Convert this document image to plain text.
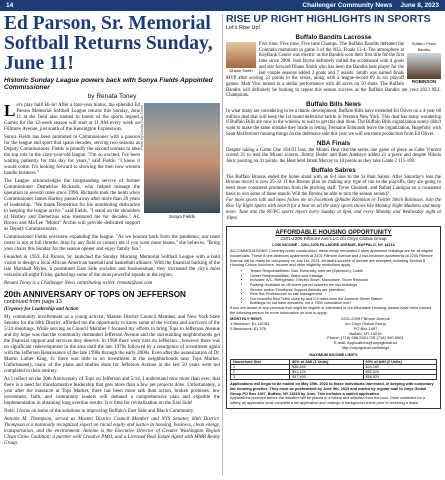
14	Challenger Community News	June 8, 2023
Ed Parson, Sr. Memorial Softball Returns Sunday, June 11!
Historic Sunday League powers back with Sonya Fields Appointed Commissioner
by Renata Toney
Photo By Denise Dale-Toney
Sonya Fields

Let's play ball! Bi-lo! After a four-year hiatus, the splendid Ed Parson Memorial Softball League returns this Sunday, June 11 at the field also named in honor of the sports legend. Games for the 12-week season will start at 11 AM every week on Fillmore Avenue, just south of the Kensington Expressway.

Sonya Fields has been promoted to Commissioner with a passion for the league and sport that spans decades, serving two seasons as Deputy Commissioner. Fields is proudly the second woman to take the top role in the sixty-year-old league. "I'm so excited, I've been waiting patiently for this day for years," said Fields. "I knew it would come. I'm looking forward to showing the men how women handle business."

The League acknowledges the longstanding service of former Commissioner Demetrius Richards, who helped manage the operation in several roles since 1996. Richards took the helm when Commissioner James Hartley passed away after more than 20 years of leadership. "We thank Demetrius for his unrelenting dedication to keeping the league active," said Fields. "I stand on the shoulders of Hartley and Demetrius who mentored me for decades." AC Brown and Ma'Lee "Motor" Archie will provide dedicated support as Deputy Commissioners.

Commissioner Fields envisions expanding the league. "As we bounce back from the pandemic, our team roster is not at full throttle. Stop by any field or contact me if you want more teams," she believes. "Bring your chairs this Sunday for the season opener and enjoy family fun."

Founded in 1959, Ed Parson, Sr. launched the Sunday Morning Memorial Softball League with a bold vision to design a local African American baseball and basketball alliance. With the financial backing of the late Marshall Myles, a prominent East Side socialite and businessman, they increased the city's most versatile all-night Friday gatherings some of the most powerful squads in the region.

Renata Toney is a Challenger News contributing writer. rrenata@aol.com

20th ANNIVERSARY OF TOPS ON JEFFERSON
continued from page 13

(Urgency for Leadership and Action

My community involvement as a young activist, Masten District Council Member, and New York State Senator for the 60th District, afforded me the opportunity to know some of the victims and survivors of the 5/14 shootings. While serving as Council Member I focused my efforts to bring Tops to Jefferson Avenue and my hope was that the community demanded Jefferson Avenue and the surrounding neighborhoods get the financial support and services they deserve. In 1968 there were riots on Jefferson... however there was no significant redevelopment in the area until the late 1970s followed by a resurgence of investment again with the Jefferson Renaissance of the late 1990s through the early 2000s. Even after the assassination of Dr. Martin Luther King, Jr. there was little to no investment in the neighborhoods near Tops Market. Unfortunately, many of the plans and studies done for Jefferson Avenue in the last 50 years were not completed in their entirety.

As I reflect on the 20th Anniversary of Tops on Jefferson and 5/14, I understand now more than ever, that there is a need for transformative leadership that gets more than a few pet projects done. Unfortunately, a year after the massacre at Tops Market, there has been more talk than action, broken promises, low investment, faith, and community leaders will demand a comprehensive plan and expedite the implementation in obtaining long overdue results. It is time for revitalization on the East Side!

Note: I focus on some of the solutions to improving Buffalo's East Side and Black Community.

Antoine M. Thompson, served as Masten District Council Member and NYS Senator, 60th District. Thompson is a nationally recognized expert on racial equity and justice in housing, business, clean energy, transportation, and the environment. Antoine is the Executive Director of Greater Washington Region Clean Cities Coalition; a partner with Creative PMO, and a Licensed Real Estate Agent with MMB Realty Group.

RISE UP RIGHT HIGHLIGHTS IN SPORTS
Let's Rise Up!
Buffalo Bandits Lacrosse
Dhane Smith
Buffalo / Photo Bandits
ROBINSON
Five time, Five time, Five time Champs. The Buffalo Bandits defeated the Colorado mammoth in game 3 of the NLL Finals 13-4. The atmosphere at KeyBank Center was electric as the Bandits won their first title for the first time since 2008. Josh Byrne definitely milled the scoreboard with 4 goals and star forward Dhane Smith who has been the Bandits best player for the last couple seasons added 2 goals and 7 assists. Smith was named finals MVP after scoring 23 points in the series, along with a league-record 69 in six playoff games. Matt Vinc turned in a stellar performance with 46 saves on 50 shots. The Buffalo Bandits will definitely be looking to repeat this season success as the Buffalo Bandits are your 2023 NLL Champions.
Buffalo Bills News
In what many are considering to be a titanic development, Buffalo Bills have extended Ed Oliver on a 4-year 68 million deal that will keep the 1st round defensive tackle in Western New York. This deal has many wondering if Buffalo Bills are now in the window to wait to get this deal done. The Buffalo Bills organization surely didn't want to make the same mistake they made in letting Tremaine Edmunds leave the organization. Hopefully with Sean McDermott running things on the defensive side this year we will see more production from Ed Oliver.
NBA Finals
Despite taking a Game One 104-93 loss, the Miami Heat tied the series one game of piece as Gabe Vincent scored 21 to lead the Miami scorers. Jimmy Butler and Bam Adebayo added 21 a piece and despite Nikola Jokic pouring on 41 points, the Heat held Jamal Murray to 10 points as they take Game 2 111-108.
Buffalo Sabres
The Buffalo Broons ended the home stand with an 8-4 loss to the St Paul Saints. After Saturday's loss the Broons record is now 25-32. If the Broons plan on making any type of run to the playoffs, they are going to need more consistent production from the pitching staff. Tyree Chomerl, and Rafael Lantigua on a consistent basis to win some of these stands. Will the Broons be able to turn the season around?
For more sports talk and news follow me on Facebook @Andre Robinson or Twitter Stitch Robinson. Join the Rise Up Right Sports with search for a host on all the daily sports shows like Monday Night Madness and many more. Tune into the RUPG sports report every Sunday at 6pm, and every Monday and Wednesday night at 10pm.
AFFORDABLE HOUSING OPPORTUNITY
2201-2209 Fillmore Ave LLC c/o Onyx Global Group

LOW INCOME - 2201-2209 FILLMORE AVENUE, BUFFALO, NY 14214

ACCOMMODATIONS: Currently under construction, these newly renovated 2 story apartment buildings are for all eligible households. These 8 one-bedroom apartments at 2201 Fillmore Avenue and 2 two bedroom apartments at 2205 Fillmore Avenue will be ready for occupancy on July 1st, 2023. All lawful sources of income are accepted, including Section 8 Housing Choice Vouchers. Income and other eligibility restrictions apply.

• Tenant Responsibilities: Gas, Electricity, Internet (Spectrum), Cable
• Owner Responsibilities: Water and Sewage
• Includes: A/C, Refrigerator, Electric Stove, Microwave, Stove Removal
• Parking: Available on off street parcel between the two buildings
• Service and/or Emotional Support Animals are permitted
• Pets Not Professional on site management
• Our beautiful Red Trails close by and 0.9 miles from the Amherst Street Station.
• Buildings do not have elevators; not a 7500 cumulative unit?
If you are aware of any personal that might be eligible or interested in our Affordable Housing, please have them contact the following person for more information on how to apply:
MONTHLY RENT:
1 Bedroom: $1,167/$1
2 Bedrooms: $1,376
2201-2209 Fillmore Avenue
c/o Onyx Global Group
PO Box 1497
Buffalo, NY 14215
Phone: (716) 986-5301 OR (716) 390-9561
E-mail: Applications@onyxglobal.us
http://onyxglobal.us/listings
MAXIMUM INCOME LIMITS
Household Size	50% of AMI (1 Units)	60% of AMI (2 Units)
1	$36,840	$44,160
2	$42,120	$50,520
3	$47,400	$56,820

Applications will begin to be mailed on May 25th, 2023 to those individuals interested, in keeping with customary fair housing practice. They must be postmarked by June 9th, 2023 and mailed by regular mail to Onyx Global Group PO Box 1497, Buffalo, NY 14215 by June. This includes a mailed application.

Applications received before the deadline will be placed in a lottery and selected from the pool. Once contacted for a lottery, all applicants must complete a full application and undergo a background check prior to receiving a lease.
